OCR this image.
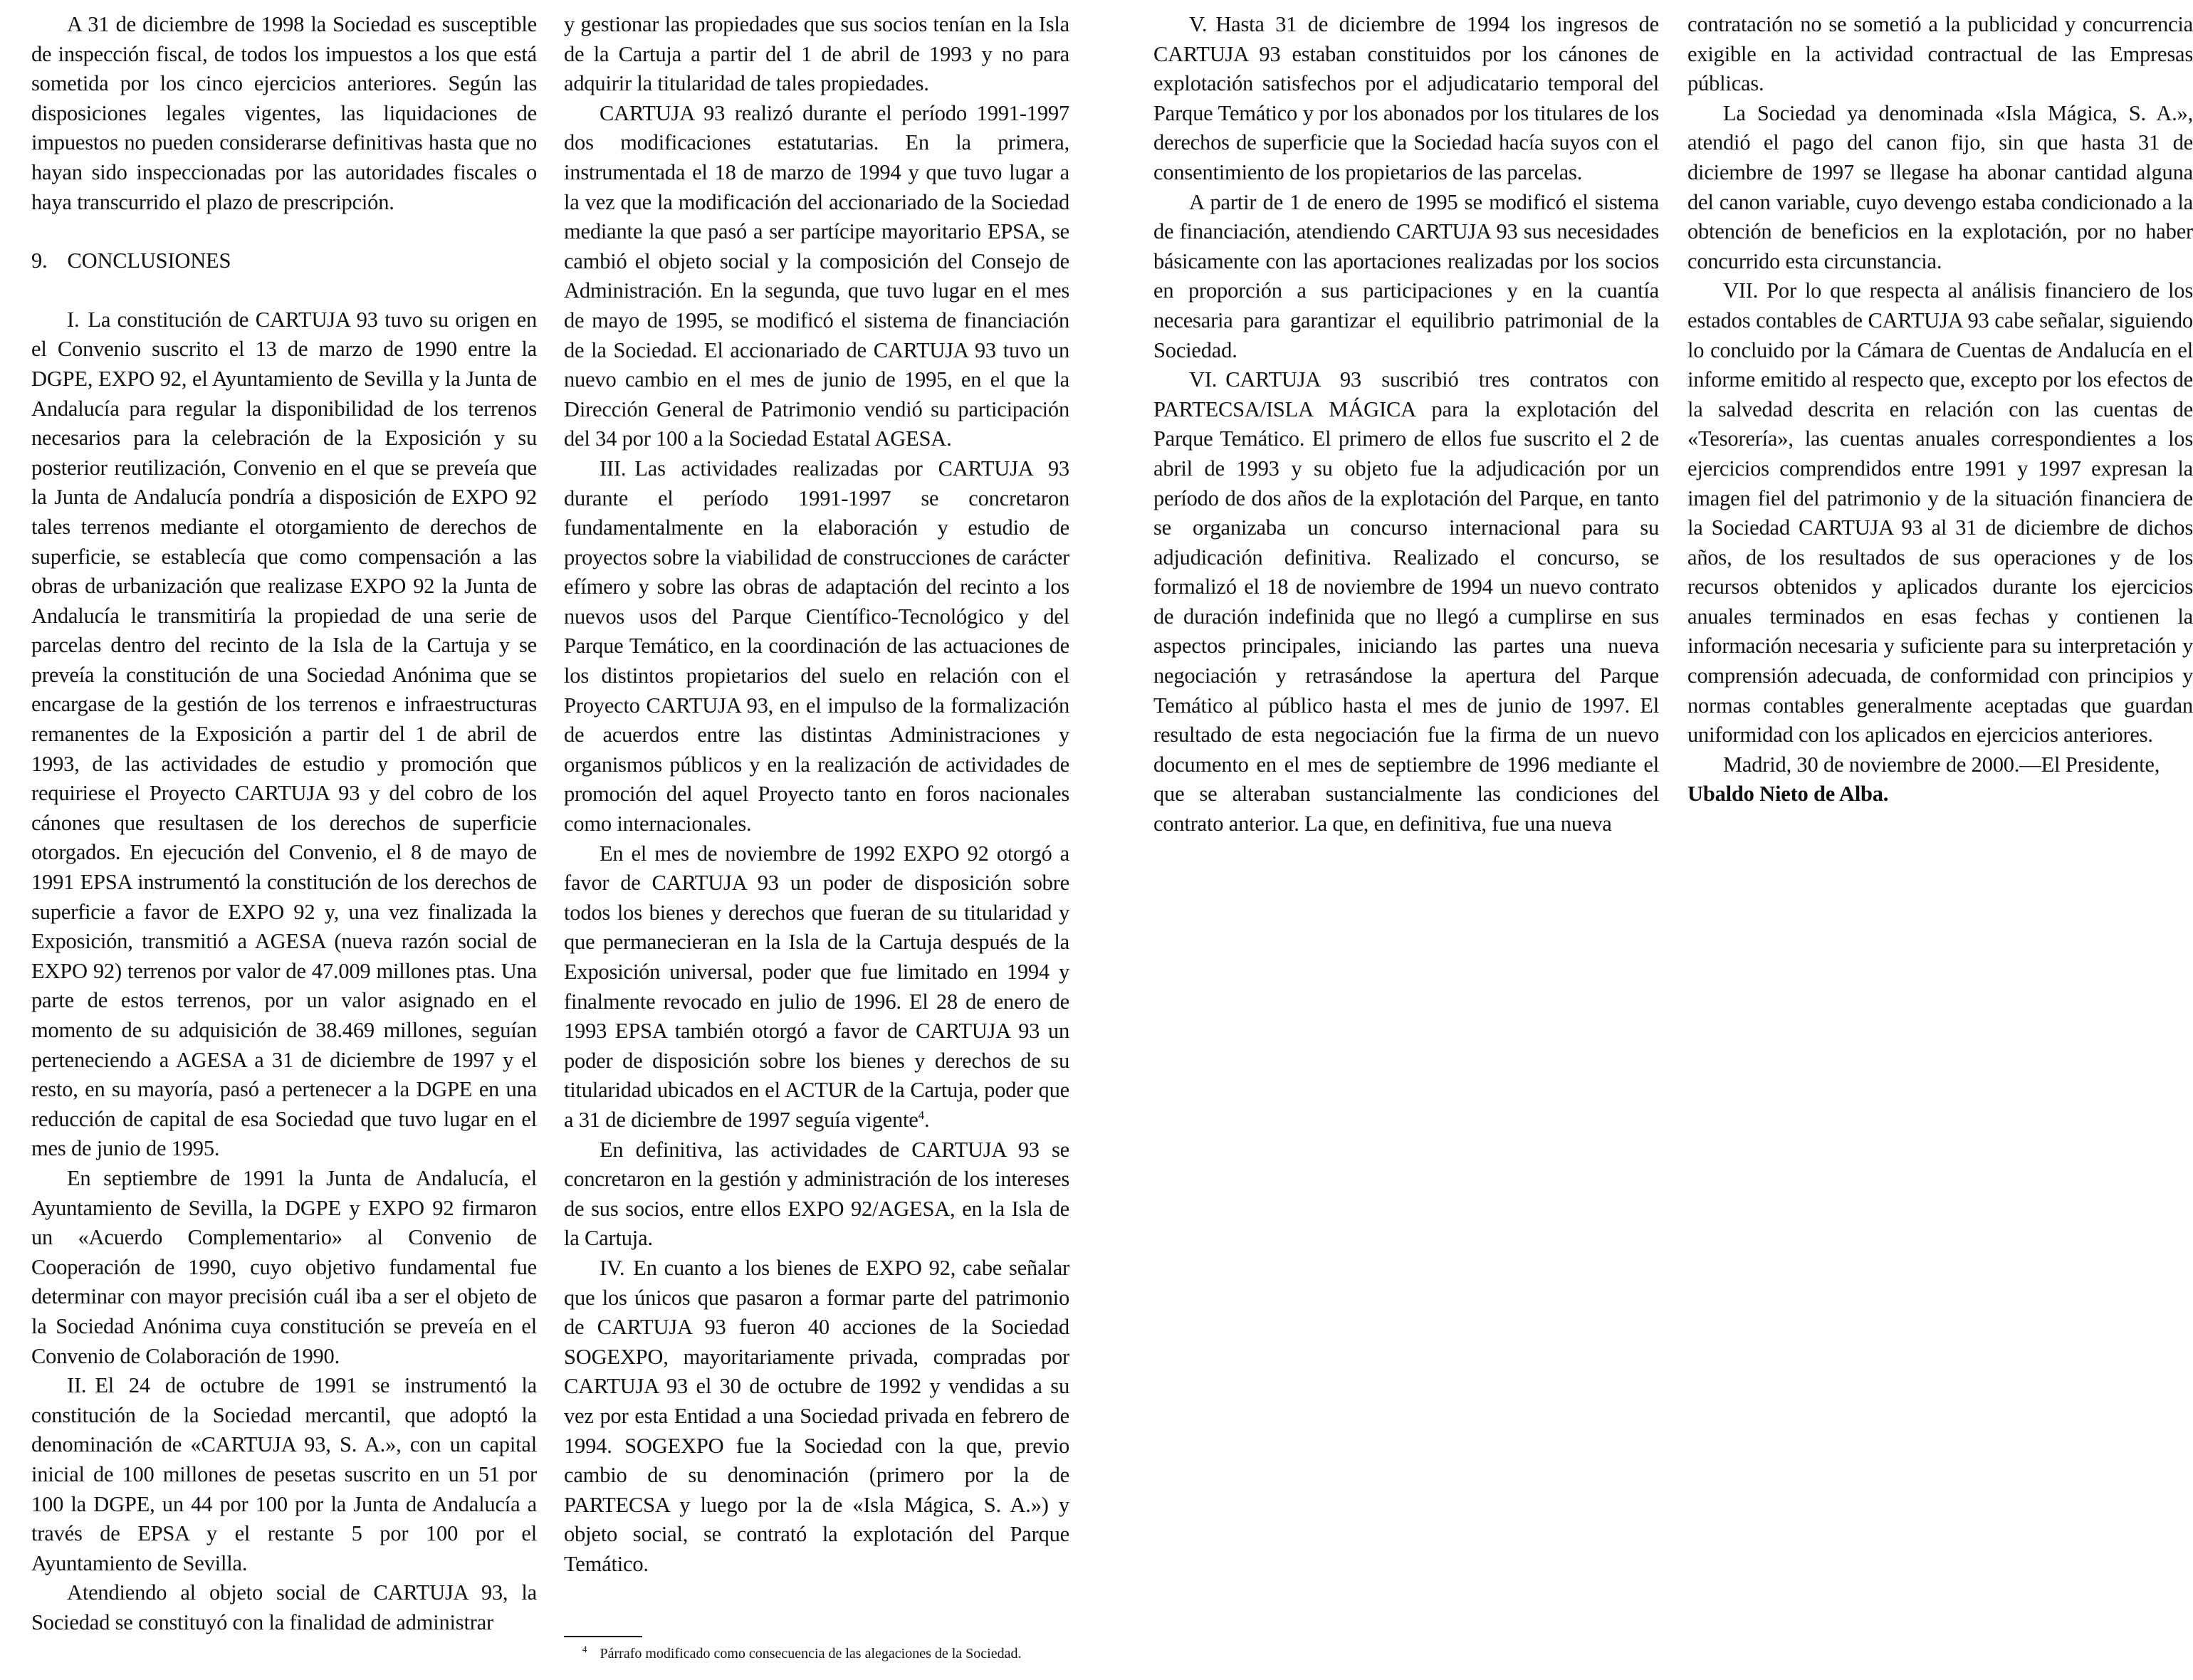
A 31 de diciembre de 1998 la Sociedad es susceptible de inspección fiscal, de todos los impuestos a los que está sometida por los cinco ejercicios anteriores. Según las disposiciones legales vigentes, las liquidaciones de impuestos no pueden considerarse definitivas hasta que no hayan sido inspeccionadas por las autoridades fiscales o haya transcurrido el plazo de prescripción.

9. CONCLUSIONES

I. La constitución de CARTUJA 93 tuvo su origen en el Convenio suscrito el 13 de marzo de 1990 entre la DGPE, EXPO 92, el Ayuntamiento de Sevilla y la Junta de Andalucía para regular la disponibilidad de los terrenos necesarios para la celebración de la Exposición y su posterior reutilización, Convenio en el que se preveía que la Junta de Andalucía pondría a disposición de EXPO 92 tales terrenos mediante el otorgamiento de derechos de superficie, se establecía que como compensación a las obras de urbanización que realizase EXPO 92 la Junta de Andalucía le transmitiría la propiedad de una serie de parcelas dentro del recinto de la Isla de la Cartuja y se preveía la constitución de una Sociedad Anónima que se encargase de la gestión de los terrenos e infraestructuras remanentes de la Exposición a partir del 1 de abril de 1993, de las actividades de estudio y promoción que requiriese el Proyecto CARTUJA 93 y del cobro de los cánones que resultasen de los derechos de superficie otorgados. En ejecución del Convenio, el 8 de mayo de 1991 EPSA instrumentó la constitución de los derechos de superficie a favor de EXPO 92 y, una vez finalizada la Exposición, transmitió a AGESA (nueva razón social de EXPO 92) terrenos por valor de 47.009 millones ptas. Una parte de estos terrenos, por un valor asignado en el momento de su adquisición de 38.469 millones, seguían perteneciendo a AGESA a 31 de diciembre de 1997 y el resto, en su mayoría, pasó a pertenecer a la DGPE en una reducción de capital de esa Sociedad que tuvo lugar en el mes de junio de 1995.

En septiembre de 1991 la Junta de Andalucía, el Ayuntamiento de Sevilla, la DGPE y EXPO 92 firmaron un «Acuerdo Complementario» al Convenio de Cooperación de 1990, cuyo objetivo fundamental fue determinar con mayor precisión cuál iba a ser el objeto de la Sociedad Anónima cuya constitución se preveía en el Convenio de Colaboración de 1990.

II. El 24 de octubre de 1991 se instrumentó la constitución de la Sociedad mercantil, que adoptó la denominación de «CARTUJA 93, S. A.», con un capital inicial de 100 millones de pesetas suscrito en un 51 por 100 la DGPE, un 44 por 100 por la Junta de Andalucía a través de EPSA y el restante 5 por 100 por el Ayuntamiento de Sevilla.

Atendiendo al objeto social de CARTUJA 93, la Sociedad se constituyó con la finalidad de administrar

y gestionar las propiedades que sus socios tenían en la Isla de la Cartuja a partir del 1 de abril de 1993 y no para adquirir la titularidad de tales propiedades.

CARTUJA 93 realizó durante el período 1991-1997 dos modificaciones estatutarias. En la primera, instrumentada el 18 de marzo de 1994 y que tuvo lugar a la vez que la modificación del accionariado de la Sociedad mediante la que pasó a ser partícipe mayoritario EPSA, se cambió el objeto social y la composición del Consejo de Administración. En la segunda, que tuvo lugar en el mes de mayo de 1995, se modificó el sistema de financiación de la Sociedad. El accionariado de CARTUJA 93 tuvo un nuevo cambio en el mes de junio de 1995, en el que la Dirección General de Patrimonio vendió su participación del 34 por 100 a la Sociedad Estatal AGESA.

III. Las actividades realizadas por CARTUJA 93 durante el período 1991-1997 se concretaron fundamentalmente en la elaboración y estudio de proyectos sobre la viabilidad de construcciones de carácter efímero y sobre las obras de adaptación del recinto a los nuevos usos del Parque Científico-Tecnológico y del Parque Temático, en la coordinación de las actuaciones de los distintos propietarios del suelo en relación con el Proyecto CARTUJA 93, en el impulso de la formalización de acuerdos entre las distintas Administraciones y organismos públicos y en la realización de actividades de promoción del aquel Proyecto tanto en foros nacionales como internacionales.

En el mes de noviembre de 1992 EXPO 92 otorgó a favor de CARTUJA 93 un poder de disposición sobre todos los bienes y derechos que fueran de su titularidad y que permanecieran en la Isla de la Cartuja después de la Exposición universal, poder que fue limitado en 1994 y finalmente revocado en julio de 1996. El 28 de enero de 1993 EPSA también otorgó a favor de CARTUJA 93 un poder de disposición sobre los bienes y derechos de su titularidad ubicados en el ACTUR de la Cartuja, poder que a 31 de diciembre de 1997 seguía vigente$^4$.

En definitiva, las actividades de CARTUJA 93 se concretaron en la gestión y administración de los intereses de sus socios, entre ellos EXPO 92/AGESA, en la Isla de la Cartuja.

IV. En cuanto a los bienes de EXPO 92, cabe señalar que los únicos que pasaron a formar parte del patrimonio de CARTUJA 93 fueron 40 acciones de la Sociedad SOGEXPO, mayoritariamente privada, compradas por CARTUJA 93 el 30 de octubre de 1992 y vendidas a su vez por esta Entidad a una Sociedad privada en febrero de 1994. SOGEXPO fue la Sociedad con la que, previo cambio de su denominación (primero por la de PARTECSA y luego por la de «Isla Mágica, S. A.») y objeto social, se contrató la explotación del Parque Temático.

$^4$ Párrafo modificado como consecuencia de las alegaciones de la Sociedad.

V. Hasta 31 de diciembre de 1994 los ingresos de CARTUJA 93 estaban constituidos por los cánones de explotación satisfechos por el adjudicatario temporal del Parque Temático y por los abonados por los titulares de los derechos de superficie que la Sociedad hacía suyos con el consentimiento de los propietarios de las parcelas.

A partir de 1 de enero de 1995 se modificó el sistema de financiación, atendiendo CARTUJA 93 sus necesidades básicamente con las aportaciones realizadas por los socios en proporción a sus participaciones y en la cuantía necesaria para garantizar el equilibrio patrimonial de la Sociedad.

VI. CARTUJA 93 suscribió tres contratos con PARTECSA/ISLA MÁGICA para la explotación del Parque Temático. El primero de ellos fue suscrito el 2 de abril de 1993 y su objeto fue la adjudicación por un período de dos años de la explotación del Parque, en tanto se organizaba un concurso internacional para su adjudicación definitiva. Realizado el concurso, se formalizó el 18 de noviembre de 1994 un nuevo contrato de duración indefinida que no llegó a cumplirse en sus aspectos principales, iniciando las partes una nueva negociación y retrasándose la apertura del Parque Temático al público hasta el mes de junio de 1997. El resultado de esta negociación fue la firma de un nuevo documento en el mes de septiembre de 1996 mediante el que se alteraban sustancialmente las condiciones del contrato anterior. La que, en definitiva, fue una nueva

contratación no se sometió a la publicidad y concurrencia exigible en la actividad contractual de las Empresas públicas.

La Sociedad ya denominada «Isla Mágica, S. A.», atendió el pago del canon fijo, sin que hasta 31 de diciembre de 1997 se llegase ha abonar cantidad alguna del canon variable, cuyo devengo estaba condicionado a la obtención de beneficios en la explotación, por no haber concurrido esta circunstancia.

VII. Por lo que respecta al análisis financiero de los estados contables de CARTUJA 93 cabe señalar, siguiendo lo concluido por la Cámara de Cuentas de Andalucía en el informe emitido al respecto que, excepto por los efectos de la salvedad descrita en relación con las cuentas de «Tesorería», las cuentas anuales correspondientes a los ejercicios comprendidos entre 1991 y 1997 expresan la imagen fiel del patrimonio y de la situación financiera de la Sociedad CARTUJA 93 al 31 de diciembre de dichos años, de los resultados de sus operaciones y de los recursos obtenidos y aplicados durante los ejercicios anuales terminados en esas fechas y contienen la información necesaria y suficiente para su interpretación y comprensión adecuada, de conformidad con principios y normas contables generalmente aceptadas que guardan uniformidad con los aplicados en ejercicios anteriores.

Madrid, 30 de noviembre de 2000.—El Presidente,
Ubaldo Nieto de Alba.
